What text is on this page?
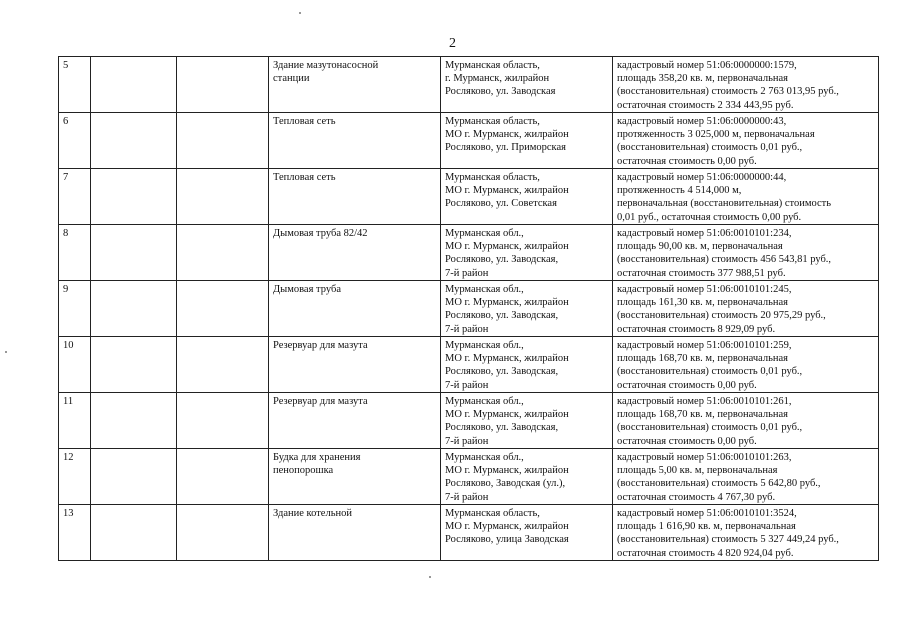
2
5			Здание мазутонасосной
станции	Мурманская область,
г. Мурманск, жилрайон
Росляково, ул. Заводская	кадастровый номер 51:06:0000000:1579,
площадь 358,20 кв. м, первоначальная
(восстановительная) стоимость 2 763 013,95 руб.,
остаточная стоимость 2 334 443,95 руб.
6			Тепловая сеть	Мурманская область,
МО г. Мурманск, жилрайон
Росляково, ул. Приморская	кадастровый номер 51:06:0000000:43,
протяженность 3 025,000 м, первоначальная
(восстановительная) стоимость 0,01 руб.,
остаточная стоимость 0,00 руб.
7			Тепловая сеть	Мурманская область,
МО г. Мурманск, жилрайон
Росляково, ул. Советская	кадастровый номер 51:06:0000000:44,
протяженность 4 514,000 м,
первоначальная (восстановительная) стоимость
0,01 руб., остаточная стоимость 0,00 руб.
8			Дымовая труба 82/42	Мурманская обл.,
МО г. Мурманск, жилрайон
Росляково, ул. Заводская,
7-й район	кадастровый номер 51:06:0010101:234,
площадь 90,00 кв. м, первоначальная
(восстановительная) стоимость 456 543,81 руб.,
остаточная стоимость 377 988,51 руб.
9			Дымовая труба	Мурманская обл.,
МО г. Мурманск, жилрайон
Росляково, ул. Заводская,
7-й район	кадастровый номер 51:06:0010101:245,
площадь 161,30 кв. м, первоначальная
(восстановительная) стоимость 20 975,29 руб.,
остаточная стоимость 8 929,09 руб.
10			Резервуар для мазута	Мурманская обл.,
МО г. Мурманск, жилрайон
Росляково, ул. Заводская,
7-й район	кадастровый номер 51:06:0010101:259,
площадь 168,70 кв. м, первоначальная
(восстановительная) стоимость 0,01 руб.,
остаточная стоимость 0,00 руб.
11			Резервуар для мазута	Мурманская обл.,
МО г. Мурманск, жилрайон
Росляково, ул. Заводская,
7-й район	кадастровый номер 51:06:0010101:261,
площадь 168,70 кв. м, первоначальная
(восстановительная) стоимость 0,01 руб.,
остаточная стоимость 0,00 руб.
12			Будка для хранения
пенопорошка	Мурманская обл.,
МО г. Мурманск, жилрайон
Росляково, Заводская (ул.),
7-й район	кадастровый номер 51:06:0010101:263,
площадь 5,00 кв. м, первоначальная
(восстановительная) стоимость 5 642,80 руб.,
остаточная стоимость 4 767,30 руб.
13			Здание котельной	Мурманская область,
МО г. Мурманск, жилрайон
Росляково, улица Заводская	кадастровый номер 51:06:0010101:3524,
площадь 1 616,90 кв. м, первоначальная
(восстановительная) стоимость 5 327 449,24 руб.,
остаточная стоимость 4 820 924,04 руб.
